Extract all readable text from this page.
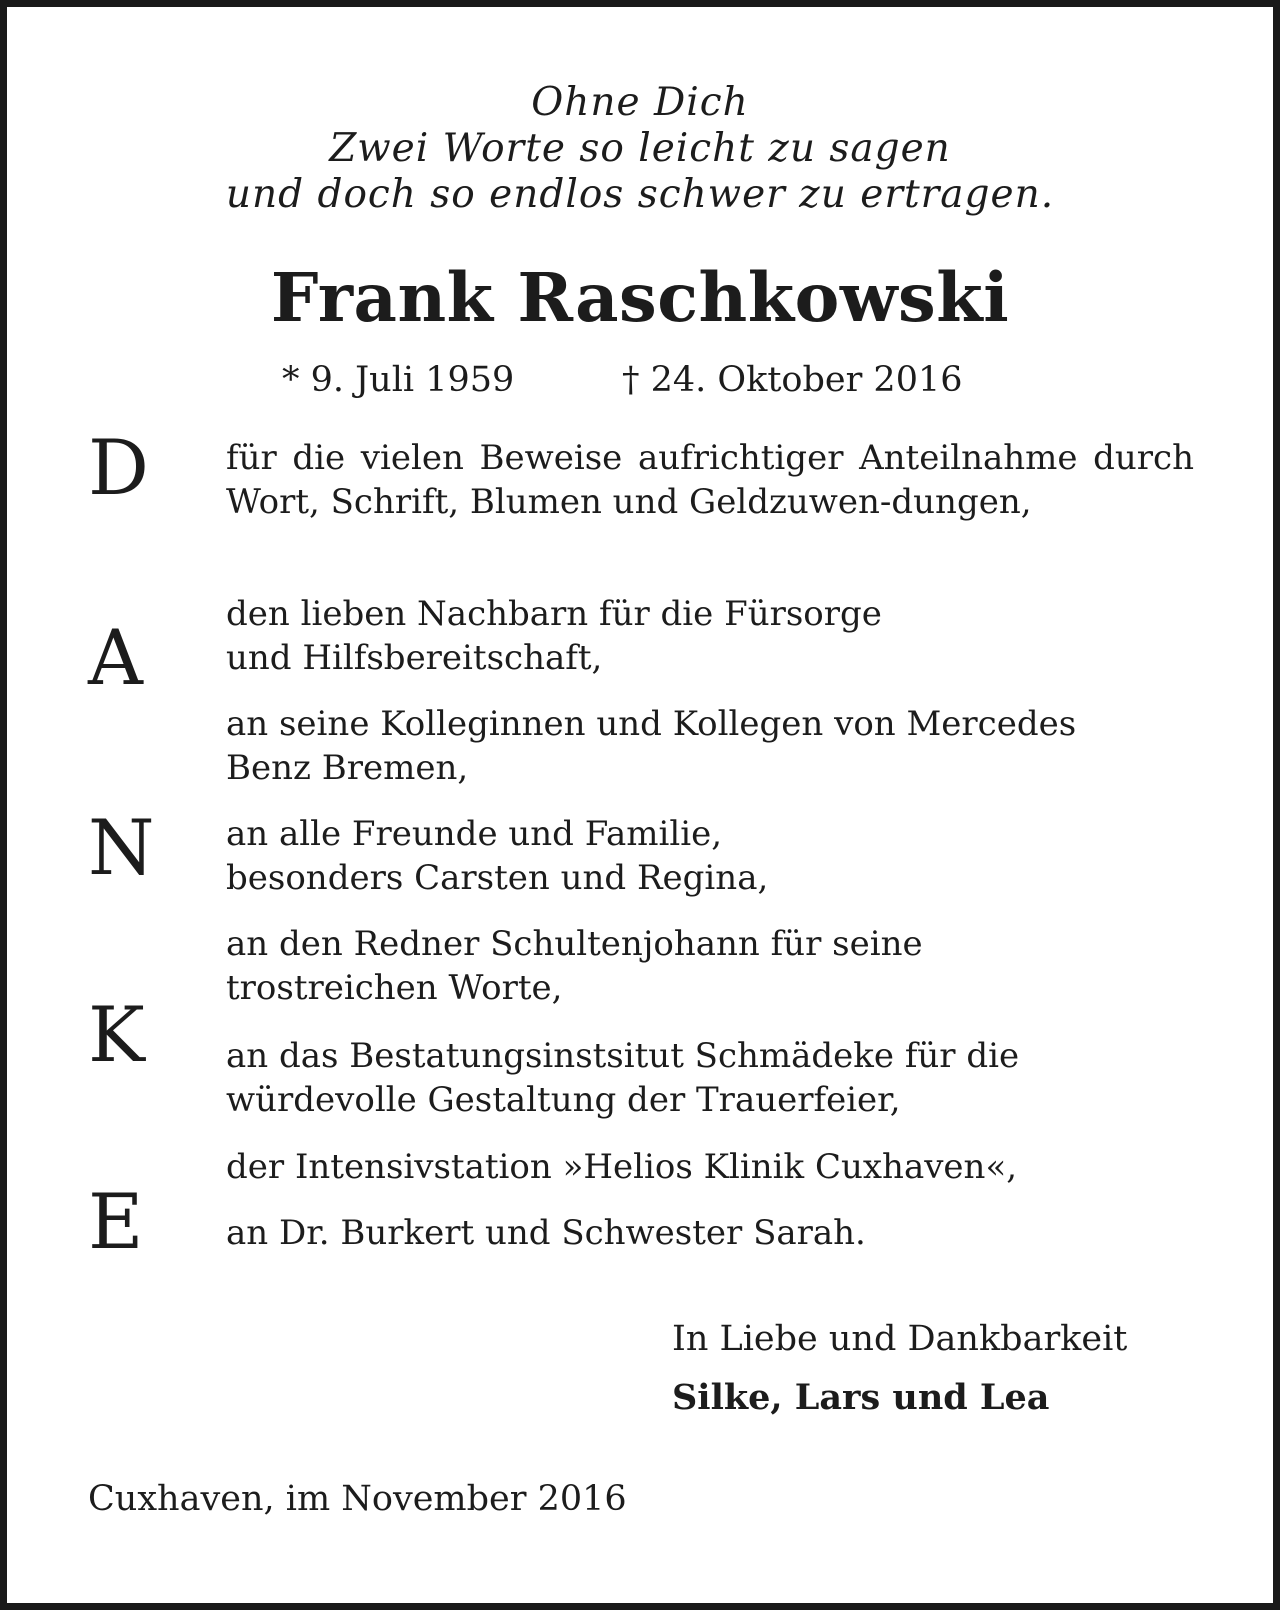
Ohne Dich
Zwei Worte so leicht zu sagen
und doch so endlos schwer zu ertragen.
Frank Raschkowski
* 9. Juli 1959	† 24. Oktober 2016
D
A
N
K
E
für die vielen Beweise aufrichtiger Anteilnahme durch Wort, Schrift, Blumen und Geldzuwen-dungen,
den lieben Nachbarn für die Fürsorge
und Hilfsbereitschaft,
an seine Kolleginnen und Kollegen von Mercedes
Benz Bremen,
an alle Freunde und Familie,
besonders Carsten und Regina,
an den Redner Schultenjohann für seine
trostreichen Worte,
an das Bestatungsinstsitut Schmädeke für die
würdevolle Gestaltung der Trauerfeier,
der Intensivstation »Helios Klinik Cuxhaven«,
an Dr. Burkert und Schwester Sarah.
In Liebe und Dankbarkeit
Silke, Lars und Lea
Cuxhaven, im November 2016
